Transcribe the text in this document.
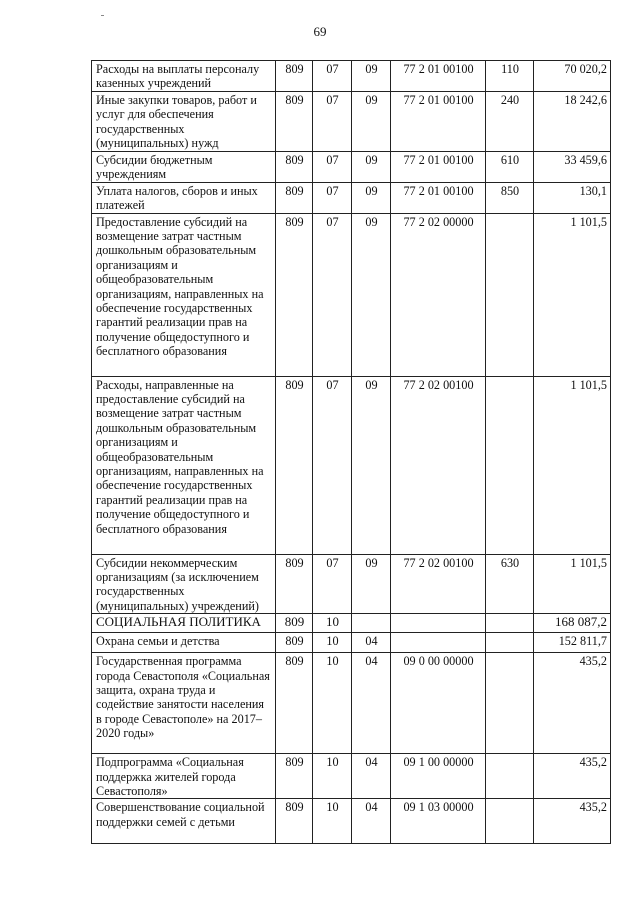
69
Расходы на выплаты персоналу казенных учреждений	809	07	09	77 2 01 00100	110	70 020,2
Иные закупки товаров, работ и услуг для обеспечения государственных (муниципальных) нужд	809	07	09	77 2 01 00100	240	18 242,6
Субсидии бюджетным учреждениям	809	07	09	77 2 01 00100	610	33 459,6
Уплата налогов, сборов и иных платежей	809	07	09	77 2 01 00100	850	130,1
Предоставление субсидий на возмещение затрат частным дошкольным образовательным организациям и общеобразовательным организациям, направленных на обеспечение государственных гарантий реализации прав на получение общедоступного и бесплатного образования	809	07	09	77 2 02 00000		1 101,5
Расходы, направленные на предоставление субсидий на возмещение затрат частным дошкольным образовательным организациям и общеобразовательным организациям, направленных на обеспечение государственных гарантий реализации прав на получение общедоступного и бесплатного образования	809	07	09	77 2 02 00100		1 101,5
Субсидии некоммерческим организациям (за исключением государственных (муниципальных) учреждений)	809	07	09	77 2 02 00100	630	1 101,5
СОЦИАЛЬНАЯ ПОЛИТИКА	809	10				168 087,2
Охрана семьи и детства	809	10	04			152 811,7
Государственная программа города Севастополя «Социальная защита, охрана труда и содействие занятости населения в городе Севастополе» на 2017–2020 годы»	809	10	04	09 0 00 00000		435,2
Подпрограмма «Социальная поддержка жителей города Севастополя»	809	10	04	09 1 00 00000		435,2
Совершенствование социальной поддержки семей с детьми	809	10	04	09 1 03 00000		435,2
